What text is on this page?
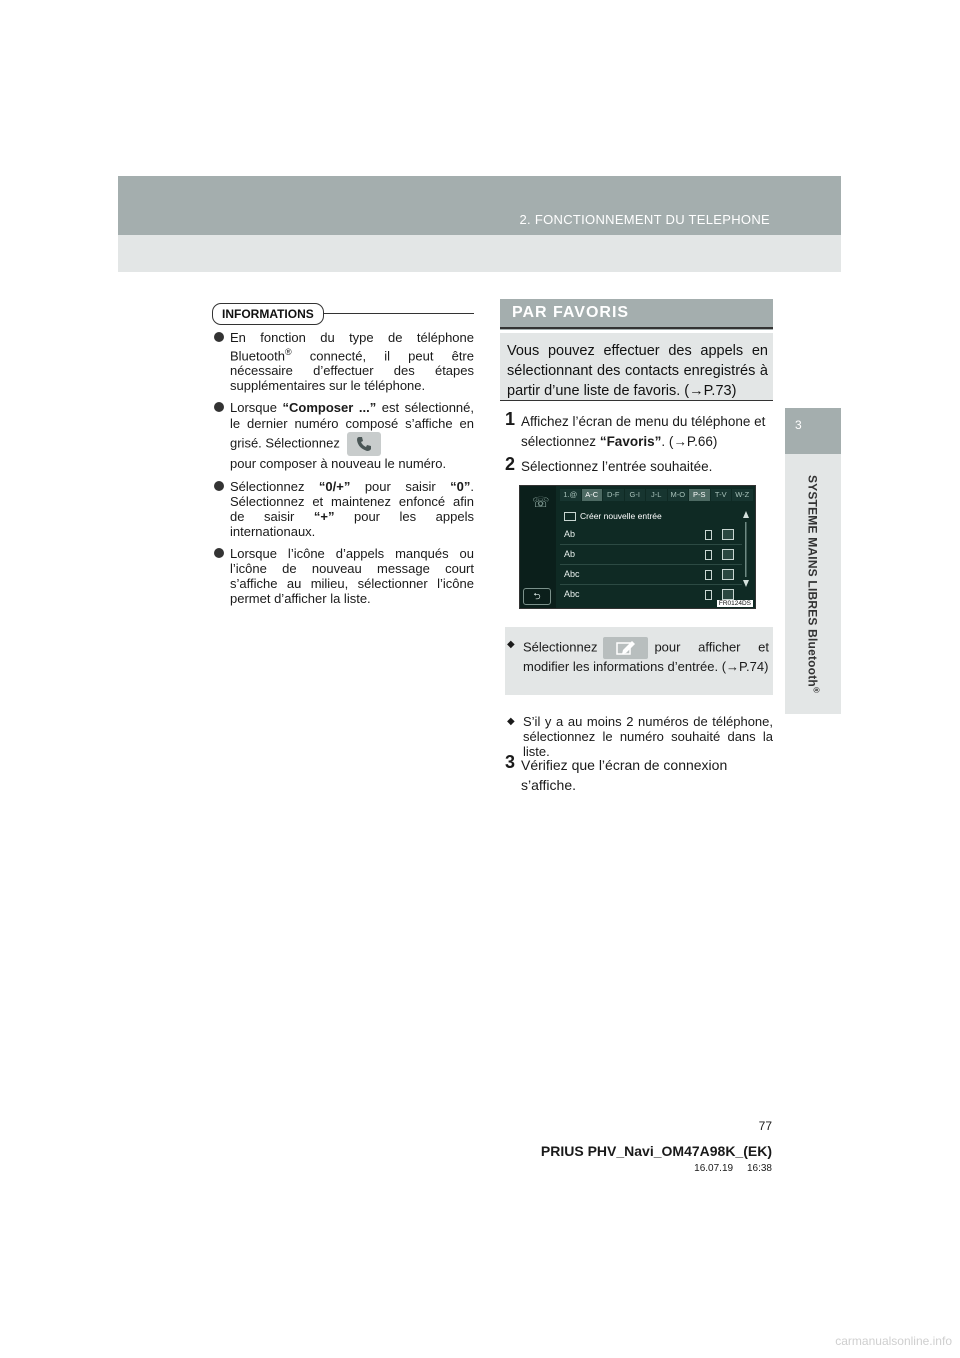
2. FONCTIONNEMENT DU TELEPHONE
3
SYSTEME MAINS LIBRES Bluetooth®
INFORMATIONS
En fonction du type de téléphone Bluetooth® connecté, il peut être nécessaire d’effectuer des étapes supplémentaires sur le téléphone.
Lorsque “Composer ...” est sélectionné, le dernier numéro composé s’affiche en grisé. Sélectionnez

pour composer à nouveau le numéro.
Sélectionnez “0/+” pour saisir “0”. Sélectionnez et maintenez enfoncé afin de saisir “+” pour les appels internationaux.
Lorsque l’icône d’appels manqués ou l’icône de nouveau message court s’affiche au milieu, sélectionner l’icône permet d’afficher la liste.
PAR FAVORIS
Vous pouvez effectuer des appels en sélectionnant des contacts enregistrés à partir d’une liste de favoris. (→P.73)
1 Affichez l’écran de menu du téléphone et sélectionnez “Favoris”. (→P.66)
2 Sélectionnez l’entrée souhaitée.
☏	1.@	A-C	D-F	G-I	J-L	M-O	P-S	T-V	W-Z
Créer nouvelle entrée
Ab
Ab
Abc
Abc
⮌
FR0124DS
◆ Sélectionnez	pour afficher et modifier les informations d’entrée. (→P.74)
◆ S’il y a au moins 2 numéros de téléphone, sélectionnez le numéro souhaité dans la liste.
3 Vérifiez que l’écran de connexion s’affiche.
77
PRIUS PHV_Navi_OM47A98K_(EK)
16.07.19     16:38
carmanualsonline.info
